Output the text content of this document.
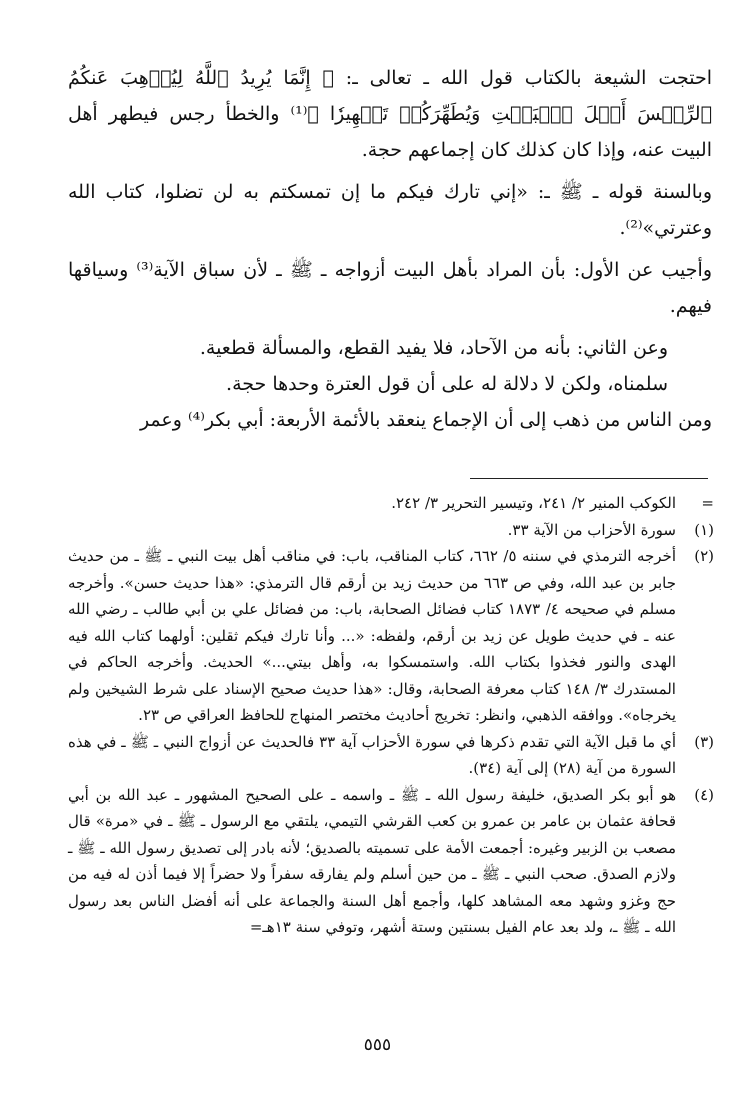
احتجت الشيعة بالكتاب قول الله ـ تعالى ـ: ﴿ إِنَّمَا يُرِيدُ ٱللَّهُ لِيُذۡهِبَ عَنكُمُ ٱلرِّجۡسَ أَهۡلَ ٱلۡبَيۡتِ وَيُطَهِّرَكُمۡ تَطۡهِيرٗا ﴾⁽¹⁾ والخطأ رجس فيطهر أهل البيت عنه، وإذا كان كذلك كان إجماعهم حجة.

وبالسنة قوله ـ ﷺ ـ: «إني تارك فيكم ما إن تمسكتم به لن تضلوا، كتاب الله وعترتي»⁽²⁾.

وأجيب عن الأول: بأن المراد بأهل البيت أزواجه ـ ﷺ ـ لأن سباق الآية⁽³⁾ وسياقها فيهم.

وعن الثاني: بأنه من الآحاد، فلا يفيد القطع، والمسألة قطعية.

سلمناه، ولكن لا دلالة له على أن قول العترة وحدها حجة.

ومن الناس من ذهب إلى أن الإجماع ينعقد بالأئمة الأربعة: أبي بكر⁽⁴⁾ وعمر

=

الكوكب المنير ٢/ ٢٤١، وتيسير التحرير ٣/ ٢٤٢.

(١)

سورة الأحزاب من الآية ٣٣.

(٢)

أخرجه الترمذي في سننه ٥/ ٦٦٢، كتاب المناقب، باب: في مناقب أهل بيت النبي ـ ﷺ ـ من حديث جابر بن عبد الله، وفي ص ٦٦٣ من حديث زيد بن أرقم قال الترمذي: «هذا حديث حسن». وأخرجه مسلم في صحيحه ٤/ ١٨٧٣ كتاب فضائل الصحابة، باب: من فضائل علي بن أبي طالب ـ رضي الله عنه ـ في حديث طويل عن زيد بن أرقم، ولفظه: «... وأنا تارك فيكم ثقلين: أولهما كتاب الله فيه الهدى والنور فخذوا بكتاب الله. واستمسكوا به، وأهل بيتي...» الحديث. وأخرجه الحاكم في المستدرك ٣/ ١٤٨ كتاب معرفة الصحابة، وقال: «هذا حديث صحيح الإسناد على شرط الشيخين ولم يخرجاه». ووافقه الذهبي، وانظر: تخريج أحاديث مختصر المنهاج للحافظ العراقي ص ٢٣.

(٣)

أي ما قبل الآية التي تقدم ذكرها في سورة الأحزاب آية ٣٣ فالحديث عن أزواج النبي ـ ﷺ ـ في هذه السورة من آية (٢٨) إلى آية (٣٤).

(٤)

هو أبو بكر الصديق، خليفة رسول الله ـ ﷺ ـ واسمه ـ على الصحيح المشهور ـ عبد الله بن أبي قحافة عثمان بن عامر بن عمرو بن كعب القرشي التيمي، يلتقي مع الرسول ـ ﷺ ـ في «مرة» قال مصعب بن الزبير وغيره: أجمعت الأمة على تسميته بالصديق؛ لأنه بادر إلى تصديق رسول الله ـ ﷺ ـ ولازم الصدق. صحب النبي ـ ﷺ ـ من حين أسلم ولم يفارقه سفراً ولا حضراً إلا فيما أذن له فيه من حج وغزو وشهد معه المشاهد كلها، وأجمع أهل السنة والجماعة على أنه أفضل الناس بعد رسول الله ـ ﷺ ـ، ولد بعد عام الفيل بسنتين وستة أشهر، وتوفي سنة ١٣هـ=

٥٥٥
